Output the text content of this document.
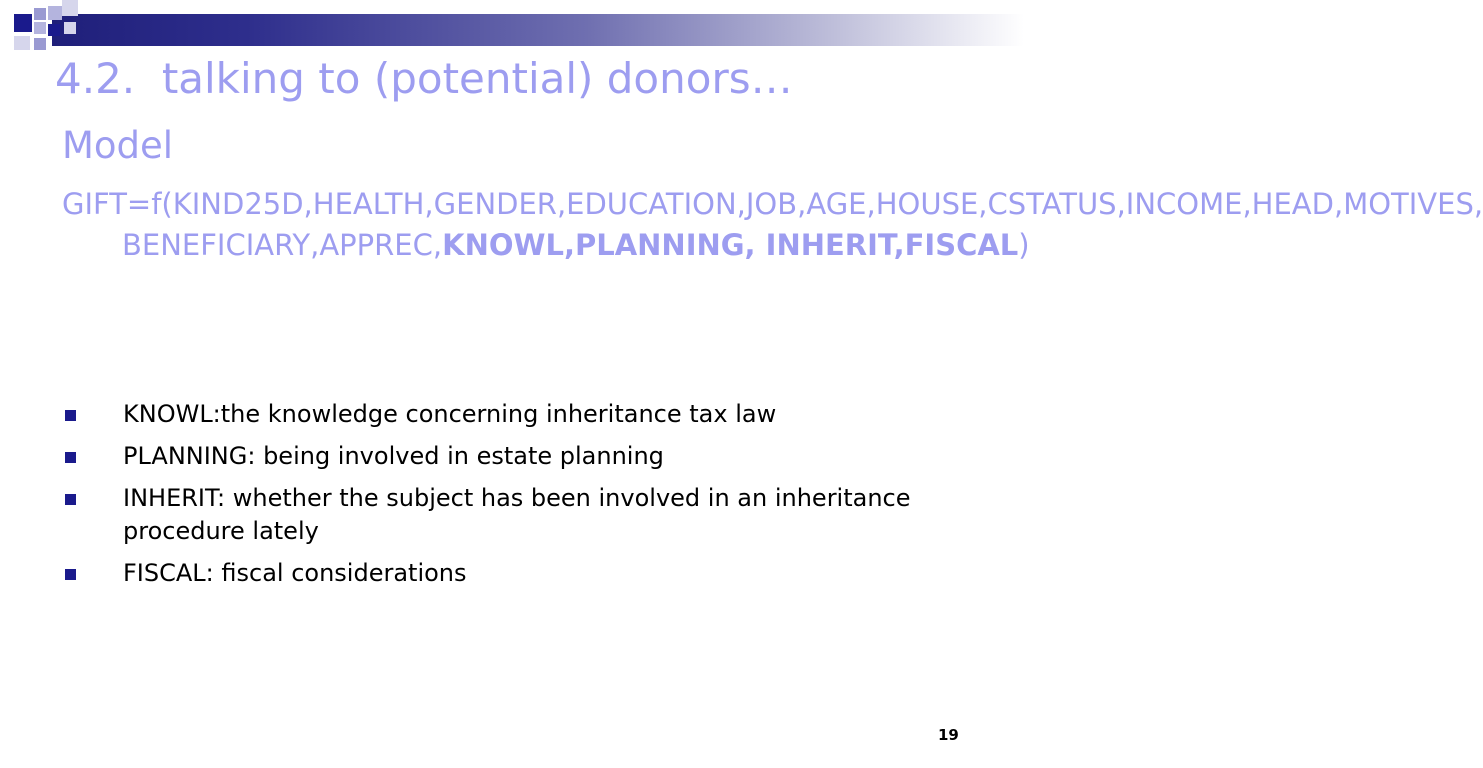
4.2.	talking to (potential) donors…
Model
GIFT=f(KIND25D,HEALTH,GENDER,EDUCATION,JOB,AGE,HOUSE,CSTATUS,INCOME,HEAD,MOTIVES, BENEFICIARY,APPREC,KNOWL,PLANNING, INHERIT,FISCAL)
KNOWL:the knowledge concerning inheritance tax law
PLANNING: being involved in estate planning
INHERIT: whether the subject has been involved in an inheritance procedure lately
FISCAL: fiscal considerations
19
